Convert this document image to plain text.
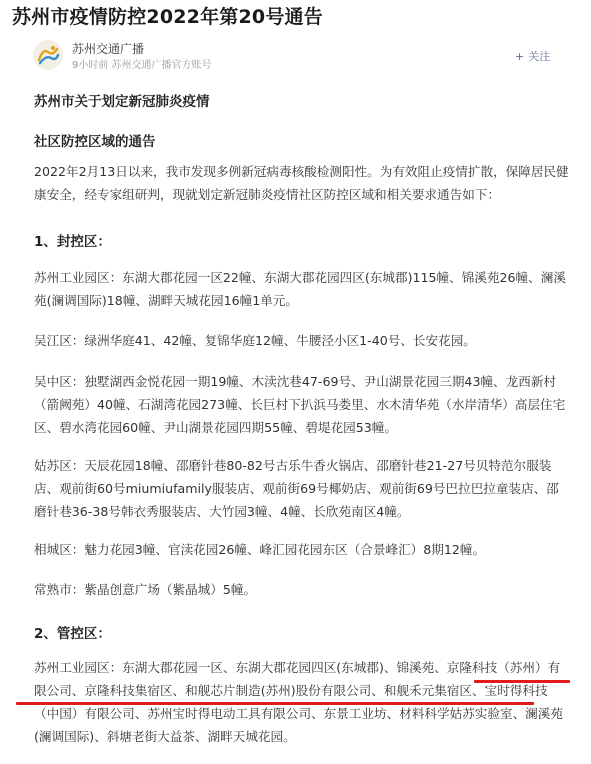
苏州市疫情防控2022年第20号通告
苏州交通广播
9小时前 苏州交通广播官方账号
+ 关注
苏州市关于划定新冠肺炎疫情
社区防控区域的通告
2022年2月13日以来，我市发现多例新冠病毒核酸检测阳性。为有效阻止疫情扩散，保障居民健康安全，经专家组研判，现就划定新冠肺炎疫情社区防控区域和相关要求通告如下：
1、封控区：
苏州工业园区：东湖大郡花园一区22幢、东湖大郡花园四区(东城郡)115幢、锦溪苑26幢、澜溪苑(澜调国际)18幢、湖畔天城花园16幢1单元。
吴江区：绿洲华庭41、42幢、复锦华庭12幢、牛腰泾小区1-40号、长安花园。
吴中区：独墅湖西金悦花园一期19幢、木渎沈巷47-69号、尹山湖景花园三期43幢、龙西新村（箭阙苑）40幢、石湖湾花园273幢、长巨村下扒浜马娄里、水木清华苑（水岸清华）高层住宅区、碧水湾花园60幢、尹山湖景花园四期55幢、碧堤花园53幢。
姑苏区：天辰花园18幢、邵磨针巷80-82号古乐牛香火锅店、邵磨针巷21-27号贝特范尔服装店、观前街60号miumiufamily服装店、观前街69号椰奶店、观前街69号巴拉巴拉童装店、邵磨针巷36-38号韩衣秀服装店、大竹园3幢、4幢、长欣苑南区4幢。
相城区：魅力花园3幢、官渎花园26幢、峰汇园花园东区（合景峰汇）8期12幢。
常熟市：紫晶创意广场（紫晶城）5幢。
2、管控区：
苏州工业园区：东湖大郡花园一区、东湖大郡花园四区(东城郡)、锦溪苑、京隆科技（苏州）有限公司、京隆科技集宿区、和舰芯片制造(苏州)股份有限公司、和舰禾元集宿区、宝时得科技（中国）有限公司、苏州宝时得电动工具有限公司、东景工业坊、材料科学姑苏实验室、澜溪苑(澜调国际)、斜塘老街大益茶、湖畔天城花园。
